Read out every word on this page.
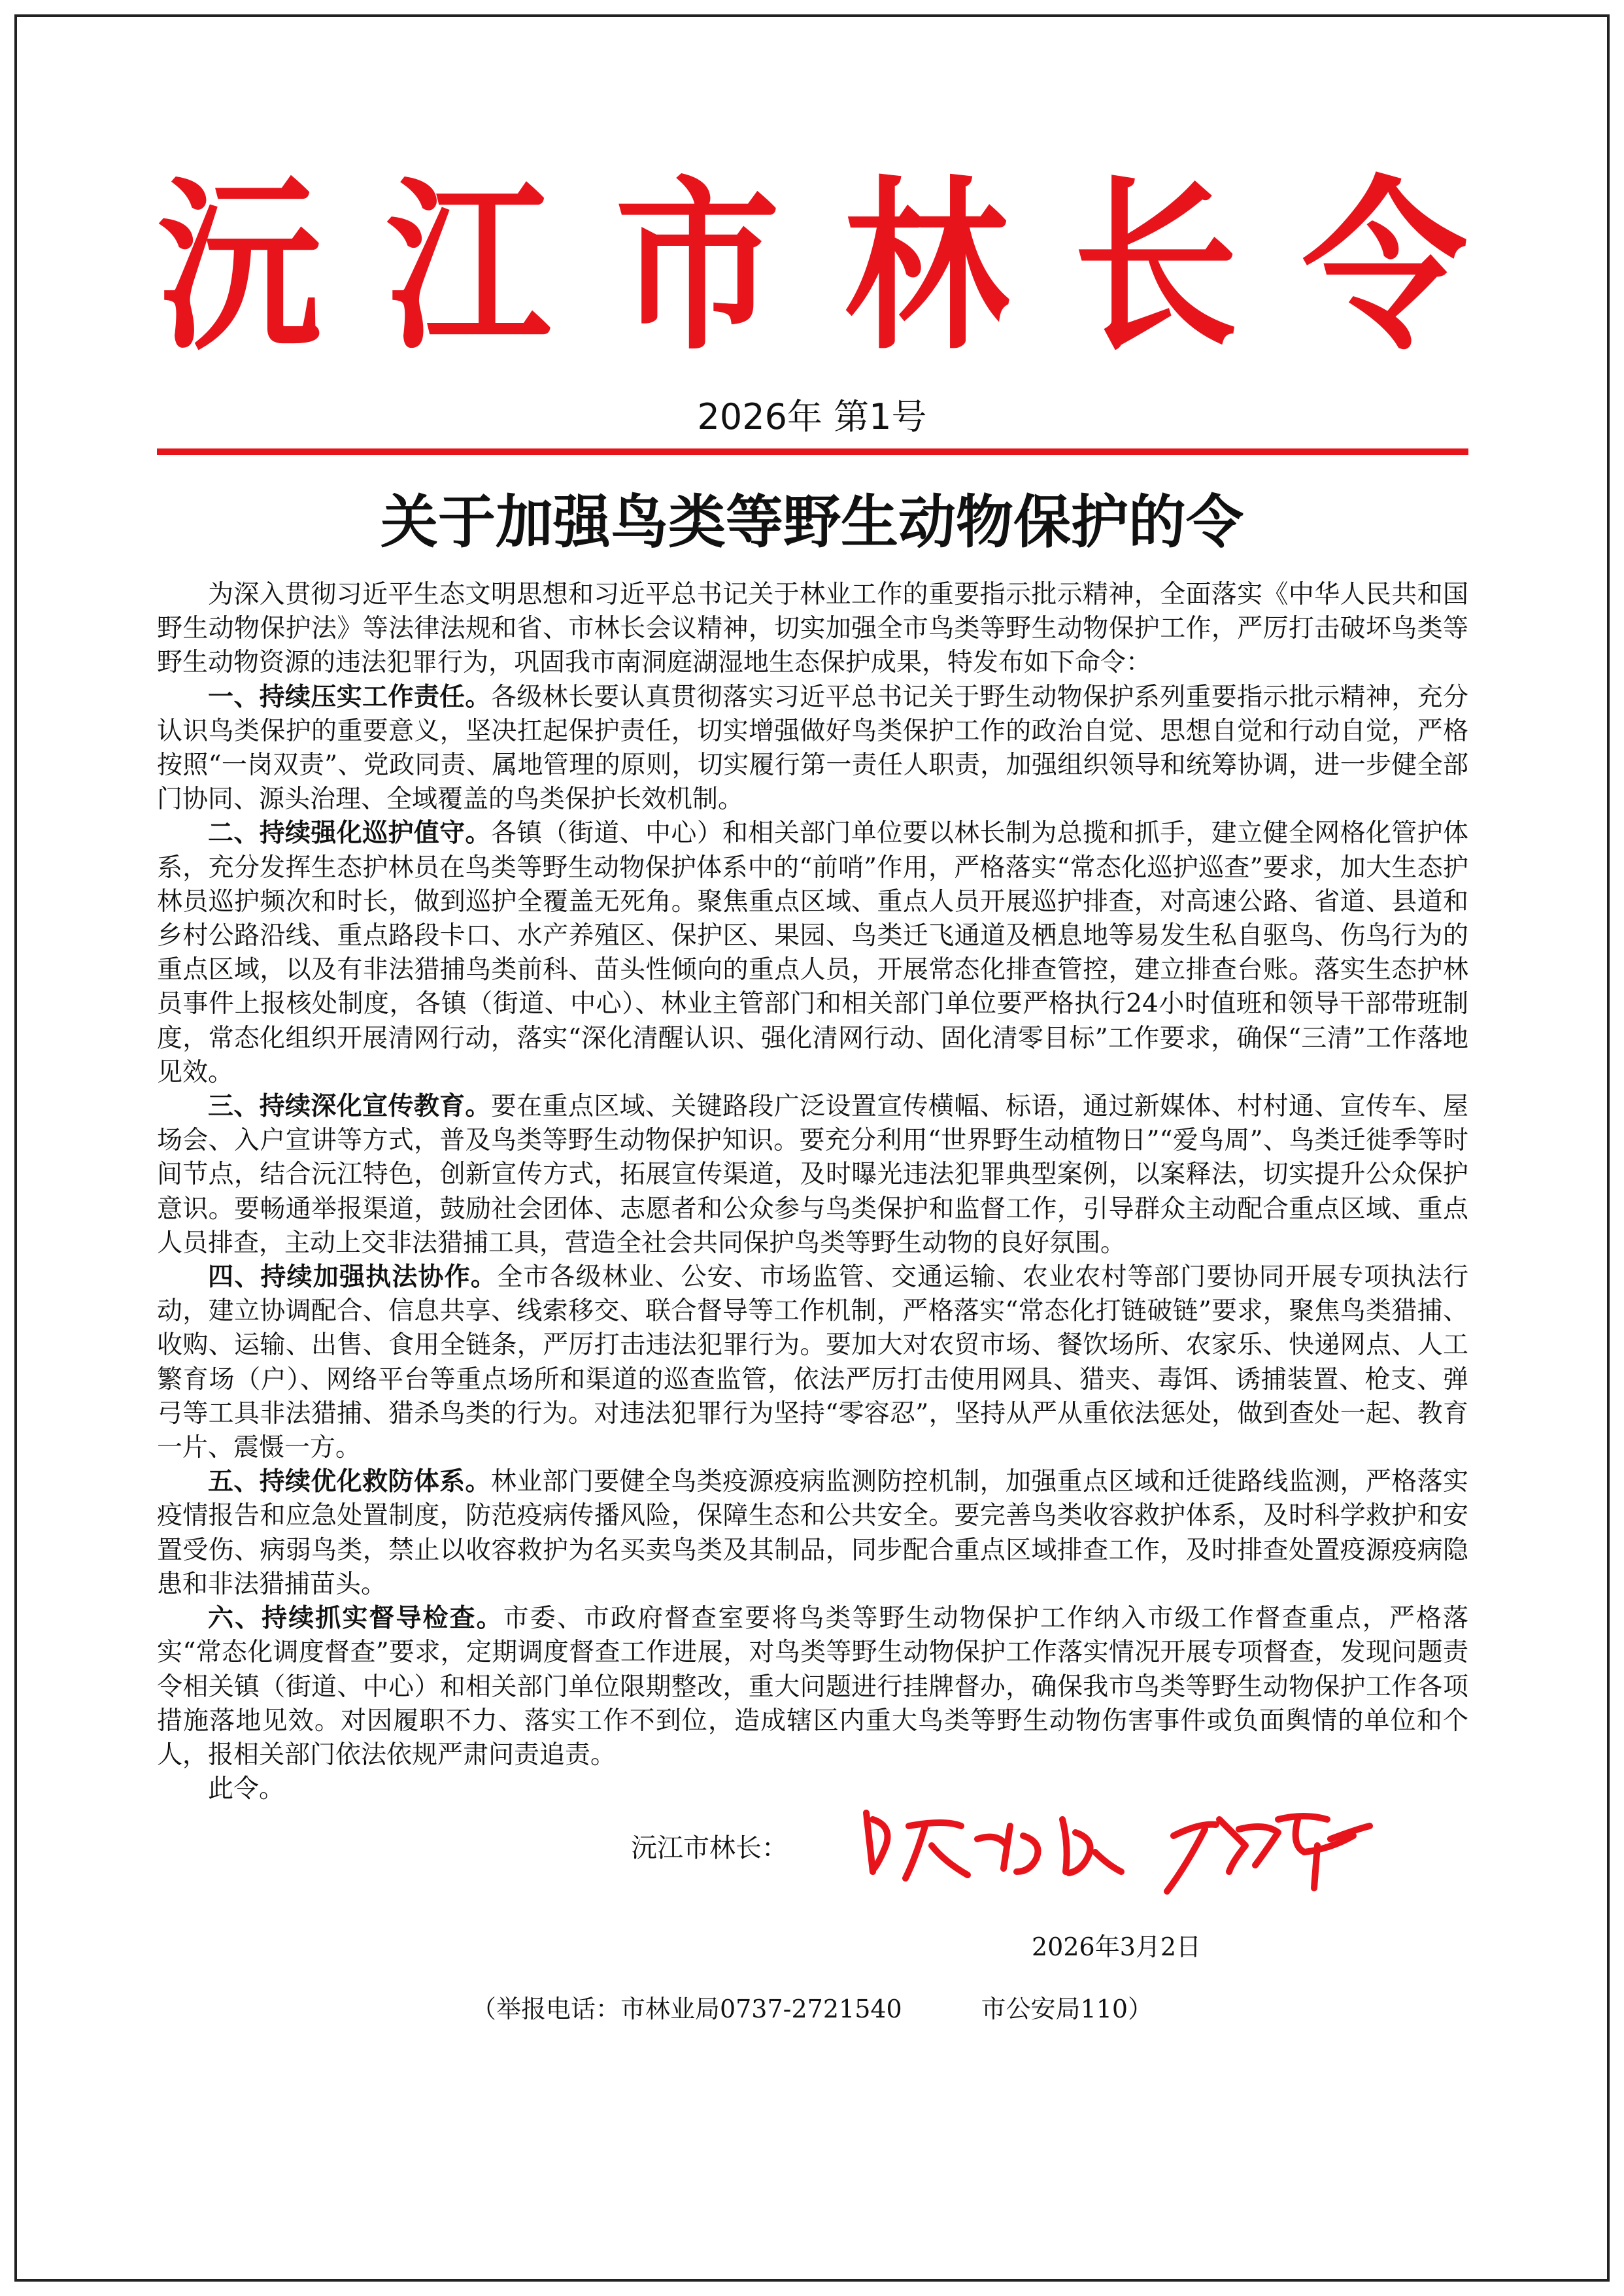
沅 江 市 林 长 令
2026年 第1号
关于加强鸟类等野生动物保护的令

为深入贯彻习近平生态文明思想和习近平总书记关于林业工作的重要指示批示精神，全面落实《中华人民共和国野生动物保护法》等法律法规和省、市林长会议精神，切实加强全市鸟类等野生动物保护工作，严厉打击破坏鸟类等野生动物资源的违法犯罪行为，巩固我市南洞庭湖湿地生态保护成果，特发布如下命令：

一、持续压实工作责任。各级林长要认真贯彻落实习近平总书记关于野生动物保护系列重要指示批示精神，充分认识鸟类保护的重要意义，坚决扛起保护责任，切实增强做好鸟类保护工作的政治自觉、思想自觉和行动自觉，严格按照“一岗双责”、党政同责、属地管理的原则，切实履行第一责任人职责，加强组织领导和统筹协调，进一步健全部门协同、源头治理、全域覆盖的鸟类保护长效机制。

二、持续强化巡护值守。各镇（街道、中心）和相关部门单位要以林长制为总揽和抓手，建立健全网格化管护体系，充分发挥生态护林员在鸟类等野生动物保护体系中的“前哨”作用，严格落实“常态化巡护巡查”要求，加大生态护林员巡护频次和时长，做到巡护全覆盖无死角。聚焦重点区域、重点人员开展巡护排查，对高速公路、省道、县道和乡村公路沿线、重点路段卡口、水产养殖区、保护区、果园、鸟类迁飞通道及栖息地等易发生私自驱鸟、伤鸟行为的重点区域，以及有非法猎捕鸟类前科、苗头性倾向的重点人员，开展常态化排查管控，建立排查台账。落实生态护林员事件上报核处制度，各镇（街道、中心）、林业主管部门和相关部门单位要严格执行24小时值班和领导干部带班制度，常态化组织开展清网行动，落实“深化清醒认识、强化清网行动、固化清零目标”工作要求，确保“三清”工作落地见效。

三、持续深化宣传教育。要在重点区域、关键路段广泛设置宣传横幅、标语，通过新媒体、村村通、宣传车、屋场会、入户宣讲等方式，普及鸟类等野生动物保护知识。要充分利用“世界野生动植物日”“爱鸟周”、鸟类迁徙季等时间节点，结合沅江特色，创新宣传方式，拓展宣传渠道，及时曝光违法犯罪典型案例，以案释法，切实提升公众保护意识。要畅通举报渠道，鼓励社会团体、志愿者和公众参与鸟类保护和监督工作，引导群众主动配合重点区域、重点人员排查，主动上交非法猎捕工具，营造全社会共同保护鸟类等野生动物的良好氛围。

四、持续加强执法协作。全市各级林业、公安、市场监管、交通运输、农业农村等部门要协同开展专项执法行动，建立协调配合、信息共享、线索移交、联合督导等工作机制，严格落实“常态化打链破链”要求，聚焦鸟类猎捕、收购、运输、出售、食用全链条，严厉打击违法犯罪行为。要加大对农贸市场、餐饮场所、农家乐、快递网点、人工繁育场（户）、网络平台等重点场所和渠道的巡查监管，依法严厉打击使用网具、猎夹、毒饵、诱捕装置、枪支、弹弓等工具非法猎捕、猎杀鸟类的行为。对违法犯罪行为坚持“零容忍”，坚持从严从重依法惩处，做到查处一起、教育一片、震慑一方。

五、持续优化救防体系。林业部门要健全鸟类疫源疫病监测防控机制，加强重点区域和迁徙路线监测，严格落实疫情报告和应急处置制度，防范疫病传播风险，保障生态和公共安全。要完善鸟类收容救护体系，及时科学救护和安置受伤、病弱鸟类，禁止以收容救护为名买卖鸟类及其制品，同步配合重点区域排查工作，及时排查处置疫源疫病隐患和非法猎捕苗头。

六、持续抓实督导检查。市委、市政府督查室要将鸟类等野生动物保护工作纳入市级工作督查重点，严格落实“常态化调度督查”要求，定期调度督查工作进展，对鸟类等野生动物保护工作落实情况开展专项督查，发现问题责令相关镇（街道、中心）和相关部门单位限期整改，重大问题进行挂牌督办，确保我市鸟类等野生动物保护工作各项措施落地见效。对因履职不力、落实工作不到位，造成辖区内重大鸟类等野生动物伤害事件或负面舆情的单位和个人，报相关部门依法依规严肃问责追责。

此令。

2026年3月2日
（举报电话：市林业局0737-2721540          市公安局110）
沅江市林长：
